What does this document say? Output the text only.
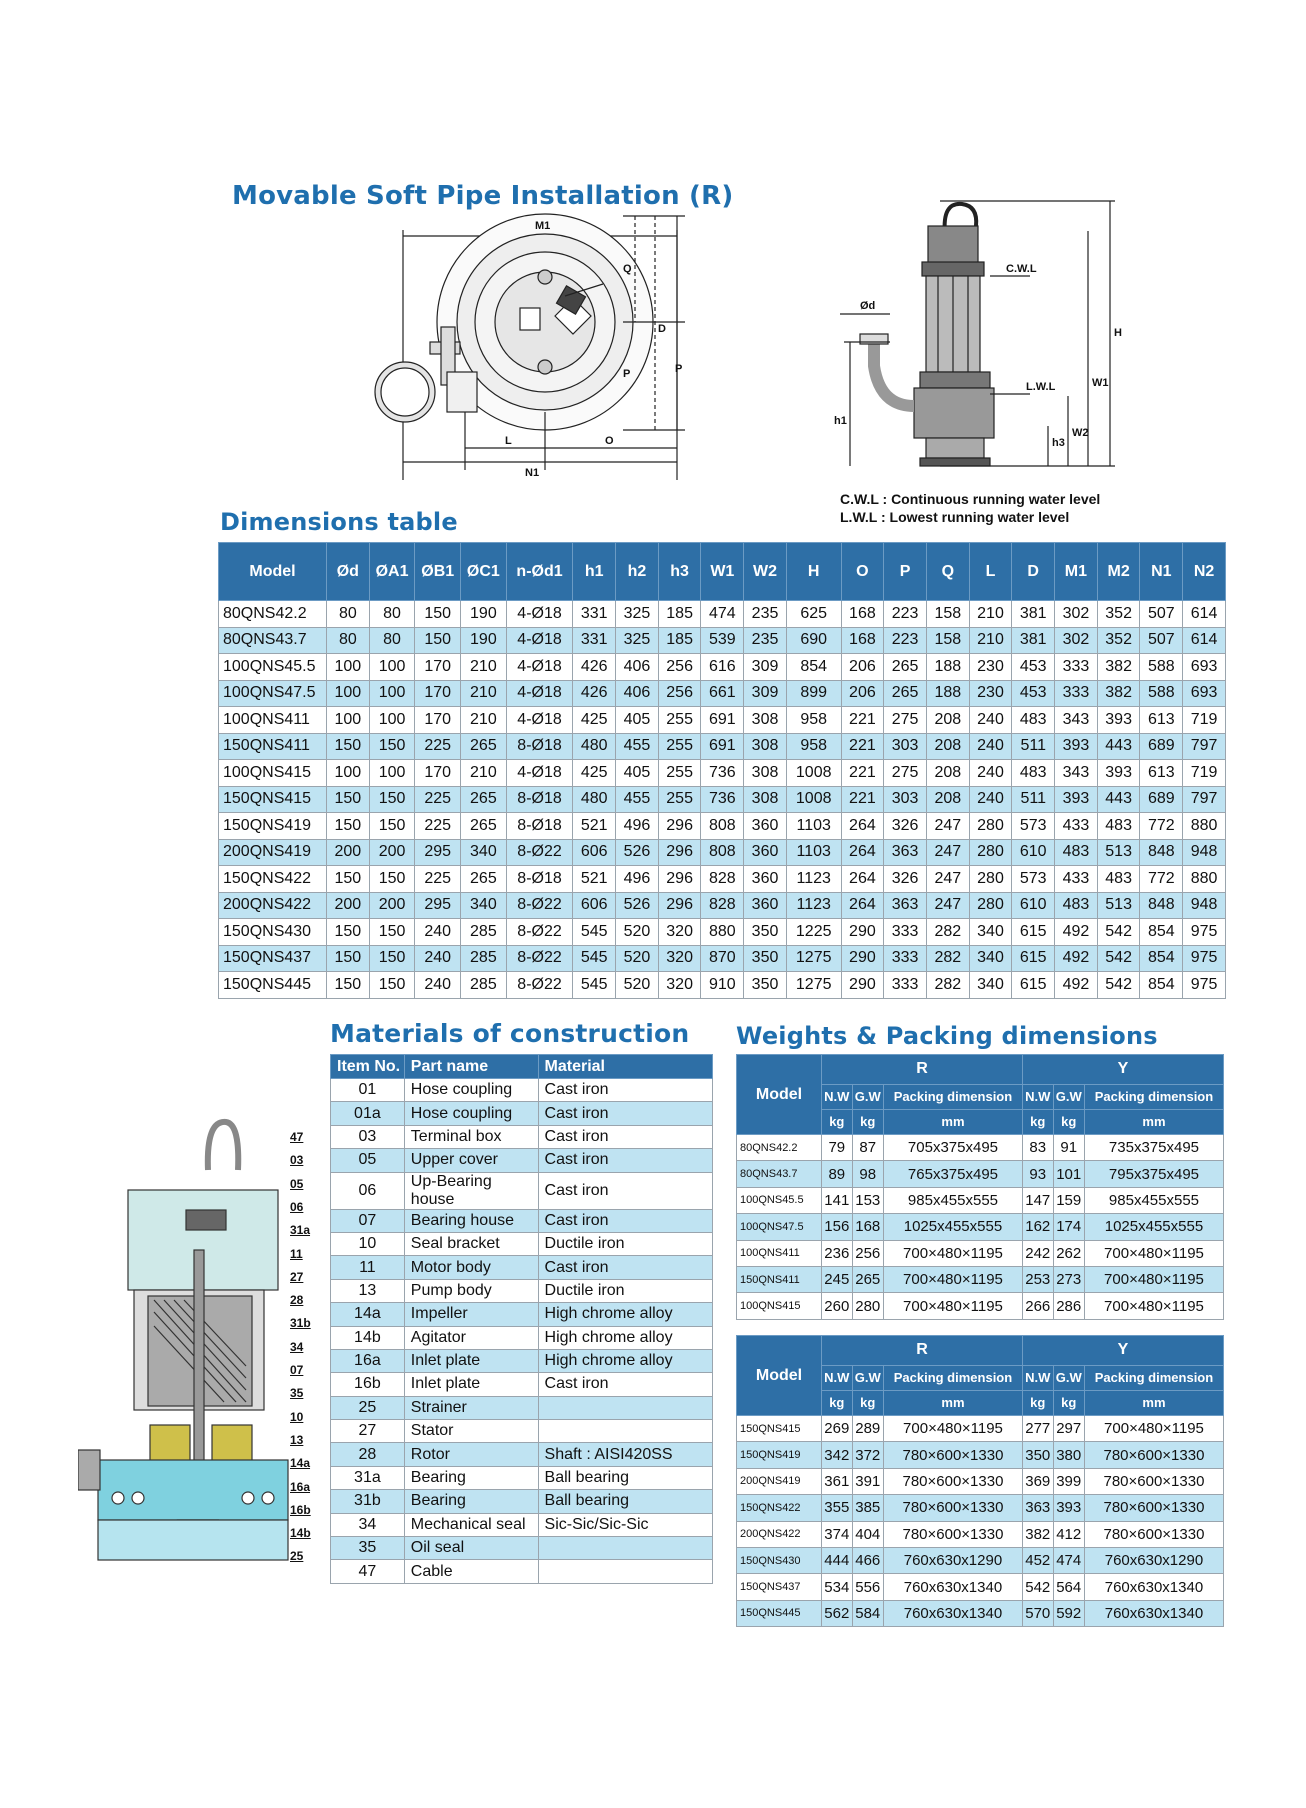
Movable Soft Pipe Installation (R)
Dimensions table
Materials of construction Weights & Packing dimensions
M1
Q
D
P	P
L	O
N1
C.W.L
Ød
L.W.L
H
W1
h1
h3
W2
C.W.L : Continuous running water level
L.W.L : Lowest running water level
Model	Ød	ØA1	ØB1	ØC1	n-Ød1	h1	h2	h3	W1	W2	H	O	P	Q	L	D	M1	M2	N1	N2
80QNS42.2	80	80	150	190	4-Ø18	331	325	185	474	235	625	168	223	158	210	381	302	352	507	614
80QNS43.7	80	80	150	190	4-Ø18	331	325	185	539	235	690	168	223	158	210	381	302	352	507	614
100QNS45.5	100	100	170	210	4-Ø18	426	406	256	616	309	854	206	265	188	230	453	333	382	588	693
100QNS47.5	100	100	170	210	4-Ø18	426	406	256	661	309	899	206	265	188	230	453	333	382	588	693
100QNS411	100	100	170	210	4-Ø18	425	405	255	691	308	958	221	275	208	240	483	343	393	613	719
150QNS411	150	150	225	265	8-Ø18	480	455	255	691	308	958	221	303	208	240	511	393	443	689	797
100QNS415	100	100	170	210	4-Ø18	425	405	255	736	308	1008	221	275	208	240	483	343	393	613	719
150QNS415	150	150	225	265	8-Ø18	480	455	255	736	308	1008	221	303	208	240	511	393	443	689	797
150QNS419	150	150	225	265	8-Ø18	521	496	296	808	360	1103	264	326	247	280	573	433	483	772	880
200QNS419	200	200	295	340	8-Ø22	606	526	296	808	360	1103	264	363	247	280	610	483	513	848	948
150QNS422	150	150	225	265	8-Ø18	521	496	296	828	360	1123	264	326	247	280	573	433	483	772	880
200QNS422	200	200	295	340	8-Ø22	606	526	296	828	360	1123	264	363	247	280	610	483	513	848	948
150QNS430	150	150	240	285	8-Ø22	545	520	320	880	350	1225	290	333	282	340	615	492	542	854	975
150QNS437	150	150	240	285	8-Ø22	545	520	320	870	350	1275	290	333	282	340	615	492	542	854	975
150QNS445	150	150	240	285	8-Ø22	545	520	320	910	350	1275	290	333	282	340	615	492	542	854	975
47
03
05
06
31a
11
27
28
31b
34
07
35
10
13
14a
16a
16b
14b
25
Item No.	Part name	Material
01	Hose coupling	Cast iron
01a	Hose coupling	Cast iron
03	Terminal box	Cast iron
05	Upper cover	Cast iron
06	Up-Bearing house	Cast iron
07	Bearing house	Cast iron
10	Seal bracket	Ductile iron
11	Motor body	Cast iron
13	Pump body	Ductile iron
14a	Impeller	High chrome alloy
14b	Agitator	High chrome alloy
16a	Inlet plate	High chrome alloy
16b	Inlet plate	Cast iron
25	Strainer	
27	Stator	
28	Rotor	Shaft : AISI420SS
31a	Bearing	Ball bearing
31b	Bearing	Ball bearing
34	Mechanical seal	Sic-Sic/Sic-Sic
35	Oil seal	
47	Cable	
Model	R			Y		
	N.W	G.W	Packing dimension	N.W	G.W	Packing dimension
	kg	kg	mm	kg	kg	mm
80QNS42.2	79	87	705x375x495	83	91	735x375x495
80QNS43.7	89	98	765x375x495	93	101	795x375x495
100QNS45.5	141	153	985x455x555	147	159	985x455x555
100QNS47.5	156	168	1025x455x555	162	174	1025x455x555
100QNS411	236	256	700×480×1195	242	262	700×480×1195
150QNS411	245	265	700×480×1195	253	273	700×480×1195
100QNS415	260	280	700×480×1195	266	286	700×480×1195
Model	R			Y		
	N.W	G.W	Packing dimension	N.W	G.W	Packing dimension
	kg	kg	mm	kg	kg	mm
150QNS415	269	289	700×480×1195	277	297	700×480×1195
150QNS419	342	372	780×600×1330	350	380	780×600×1330
200QNS419	361	391	780×600×1330	369	399	780×600×1330
150QNS422	355	385	780×600×1330	363	393	780×600×1330
200QNS422	374	404	780×600×1330	382	412	780×600×1330
150QNS430	444	466	760x630x1290	452	474	760x630x1290
150QNS437	534	556	760x630x1340	542	564	760x630x1340
150QNS445	562	584	760x630x1340	570	592	760x630x1340
